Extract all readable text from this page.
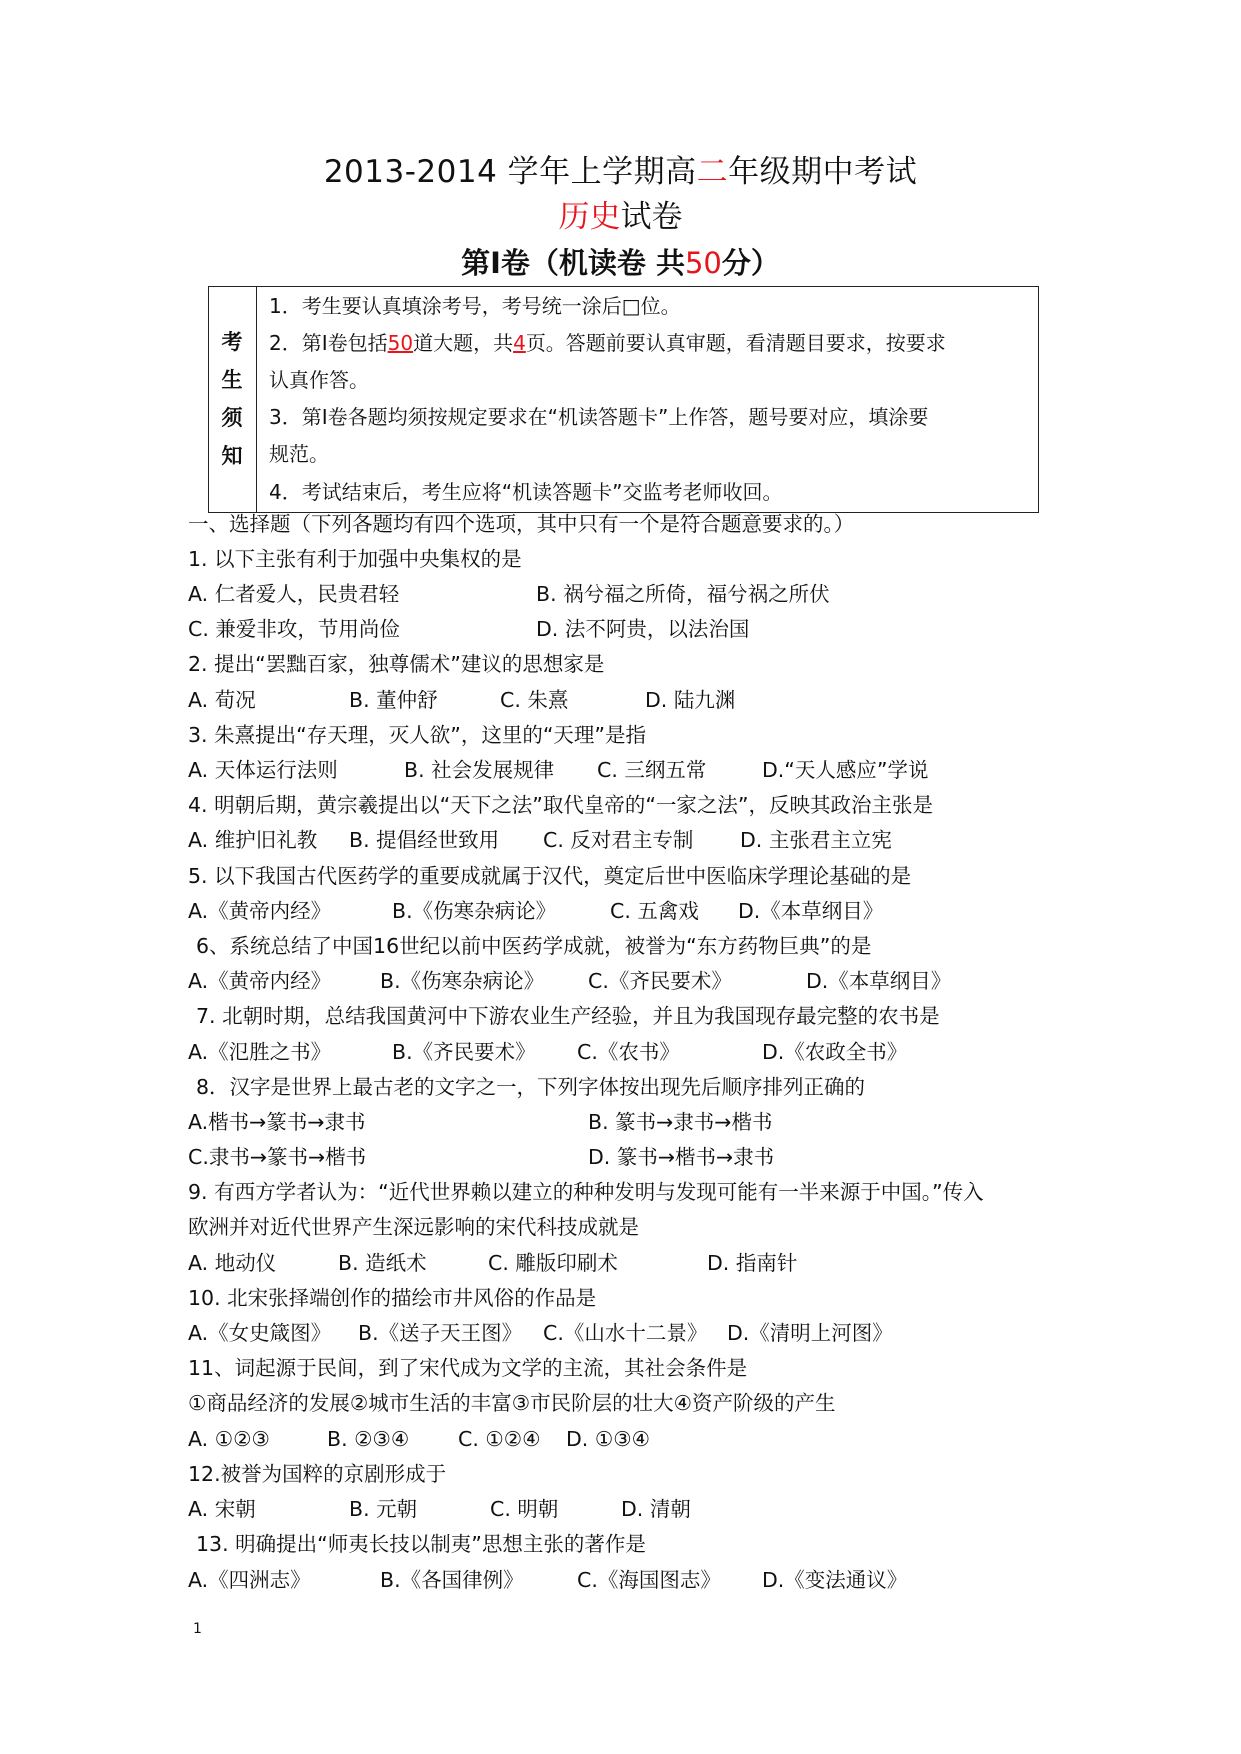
2013-2014 学年上学期高二年级期中考试
历史试卷
第Ⅰ卷（机读卷 共50分）
考
生
须
知
1．考生要认真填涂考号，考号统一涂后□位。
2．第Ⅰ卷包括50道大题，共4页。答题前要认真审题，看清题目要求，按要求
认真作答。
3．第Ⅰ卷各题均须按规定要求在“机读答题卡”上作答，题号要对应，填涂要
规范。
4．考试结束后，考生应将“机读答题卡”交监考老师收回。
一、选择题（下列各题均有四个选项，其中只有一个是符合题意要求的。）
1. 以下主张有利于加强中央集权的是
A. 仁者爱人，民贵君轻	B. 祸兮福之所倚，福兮祸之所伏
C. 兼爱非攻，节用尚俭	D. 法不阿贵，以法治国
2. 提出“罢黜百家，独尊儒术”建议的思想家是
A. 荀况	B. 董仲舒	C. 朱熹	D. 陆九渊
3. 朱熹提出“存天理，灭人欲”，这里的“天理”是指
A. 天体运行法则	B. 社会发展规律 C. 三纲五常	D.“天人感应”学说
4. 明朝后期，黄宗羲提出以“天下之法”取代皇帝的“一家之法”，反映其政治主张是
A. 维护旧礼教 B. 提倡经世致用 C. 反对君主专制 D. 主张君主立宪
5. 以下我国古代医药学的重要成就属于汉代，奠定后世中医临床学理论基础的是
A.《黄帝内经》	B.《伤寒杂病论》	C. 五禽戏 D.《本草纲目》
6、系统总结了中国16世纪以前中医药学成就，被誉为“东方药物巨典”的是
A.《黄帝内经》 B.《伤寒杂病论》 C.《齐民要术》	D.《本草纲目》
7. 北朝时期，总结我国黄河中下游农业生产经验，并且为我国现存最完整的农书是
A.《氾胜之书》	B.《齐民要术》 C.《农书》	D.《农政全书》
8．汉字是世界上最古老的文字之一，下列字体按出现先后顺序排列正确的
A.楷书→篆书→隶书	B. 篆书→隶书→楷书
C.隶书→篆书→楷书	D. 篆书→楷书→隶书
9. 有西方学者认为：“近代世界赖以建立的种种发明与发现可能有一半来源于中国。”传入
欧洲并对近代世界产生深远影响的宋代科技成就是
A. 地动仪	B. 造纸术	C. 雕版印刷术	D. 指南针
10. 北宋张择端创作的描绘市井风俗的作品是
A.《女史箴图》 B.《送子天王图》 C.《山水十二景》 D.《清明上河图》
11、词起源于民间，到了宋代成为文学的主流，其社会条件是
①商品经济的发展②城市生活的丰富③市民阶层的壮大④资产阶级的产生
A. ①②③	B. ②③④ C. ①②④ D. ①③④
12.被誉为国粹的京剧形成于
A. 宋朝	B. 元朝	C. 明朝	D. 清朝
13. 明确提出“师夷长技以制夷”思想主张的著作是
A.《四洲志》	B.《各国律例》	C.《海国图志》 D.《变法通议》
1
